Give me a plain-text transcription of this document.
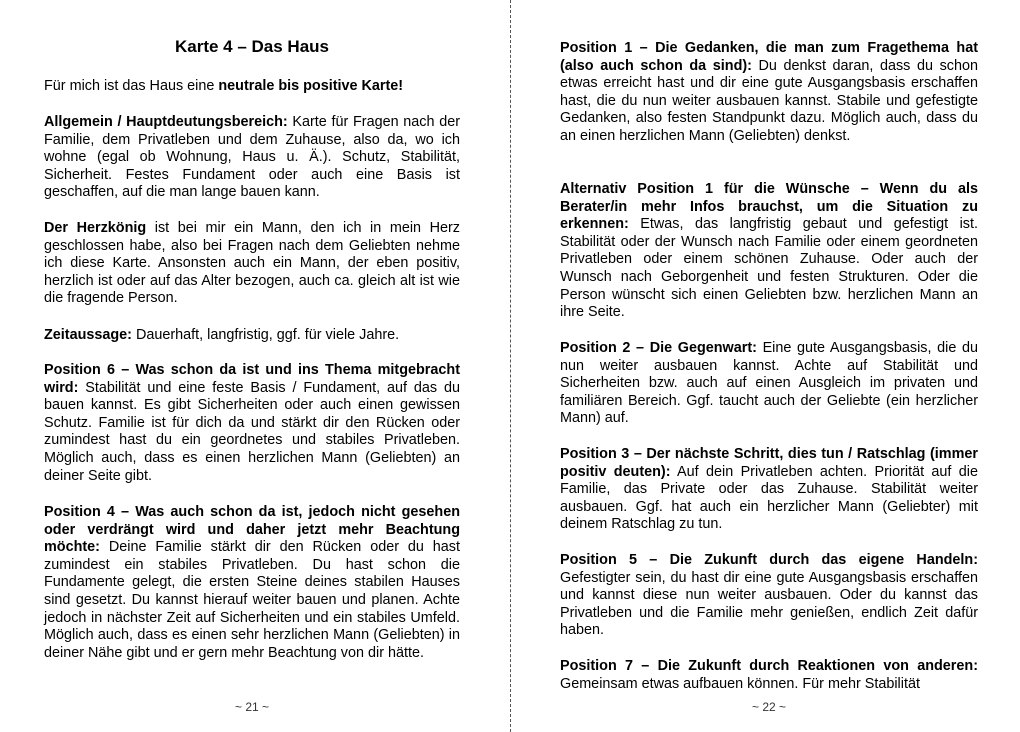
Karte 4 – Das Haus

Für mich ist das Haus eine neutrale bis positive Karte!

Allgemein / Hauptdeutungsbereich: Karte für Fragen nach der Familie, dem Privatleben und dem Zuhause, also da, wo ich wohne (egal ob Wohnung, Haus u. Ä.). Schutz, Stabilität, Sicherheit. Festes Fundament oder auch eine Basis ist geschaffen, auf die man lange bauen kann.

Der Herzkönig ist bei mir ein Mann, den ich in mein Herz geschlossen habe, also bei Fragen nach dem Geliebten nehme ich diese Karte. Ansonsten auch ein Mann, der eben positiv, herzlich ist oder auf das Alter bezogen, auch ca. gleich alt ist wie die fragende Person.

Zeitaussage: Dauerhaft, langfristig, ggf. für viele Jahre.

Position 6 – Was schon da ist und ins Thema mitgebracht wird: Stabilität und eine feste Basis / Fundament, auf das du bauen kannst. Es gibt Sicherheiten oder auch einen gewissen Schutz. Familie ist für dich da und stärkt dir den Rücken oder zumindest hast du ein geordnetes und stabiles Privatleben. Möglich auch, dass es einen herzlichen Mann (Geliebten) an deiner Seite gibt.

Position 4 – Was auch schon da ist, jedoch nicht gesehen oder verdrängt wird und daher jetzt mehr Beachtung möchte: Deine Familie stärkt dir den Rücken oder du hast zumindest ein stabiles Privatleben. Du hast schon die Fundamente gelegt, die ersten Steine deines stabilen Hauses sind gesetzt. Du kannst hierauf weiter bauen und planen. Achte jedoch in nächster Zeit auf Sicherheiten und ein stabiles Umfeld. Möglich auch, dass es einen sehr herzlichen Mann (Geliebten) in deiner Nähe gibt und er gern mehr Beachtung von dir hätte.

~ 21 ~

Position 1 – Die Gedanken, die man zum Fragethema hat (also auch schon da sind): Du denkst daran, dass du schon etwas erreicht hast und dir eine gute Ausgangsbasis erschaffen hast, die du nun weiter ausbauen kannst. Stabile und gefestigte Gedanken, also festen Standpunkt dazu. Möglich auch, dass du an einen herzlichen Mann (Geliebten) denkst.

Alternativ Position 1 für die Wünsche – Wenn du als Berater/in mehr Infos brauchst, um die Situation zu erkennen: Etwas, das langfristig gebaut und gefestigt ist. Stabilität oder der Wunsch nach Familie oder einem geordneten Privatleben oder einem schönen Zuhause. Oder auch der Wunsch nach Geborgenheit und festen Strukturen. Oder die Person wünscht sich einen Geliebten bzw. herzlichen Mann an ihre Seite.

Position 2 – Die Gegenwart: Eine gute Ausgangsbasis, die du nun weiter ausbauen kannst. Achte auf Stabilität und Sicherheiten bzw. auch auf einen Ausgleich im privaten und familiären Bereich. Ggf. taucht auch der Geliebte (ein herzlicher Mann) auf.

Position 3 – Der nächste Schritt, dies tun / Ratschlag (immer positiv deuten): Auf dein Privatleben achten. Priorität auf die Familie, das Private oder das Zuhause. Stabilität weiter ausbauen. Ggf. hat auch ein herzlicher Mann (Geliebter) mit deinem Ratschlag zu tun.

Position 5 – Die Zukunft durch das eigene Handeln: Gefestigter sein, du hast dir eine gute Ausgangsbasis erschaffen und kannst diese nun weiter ausbauen. Oder du kannst das Privatleben und die Familie mehr genießen, endlich Zeit dafür haben.

Position 7 – Die Zukunft durch Reaktionen von anderen: Gemeinsam etwas aufbauen können. Für mehr Stabilität

~ 22 ~
